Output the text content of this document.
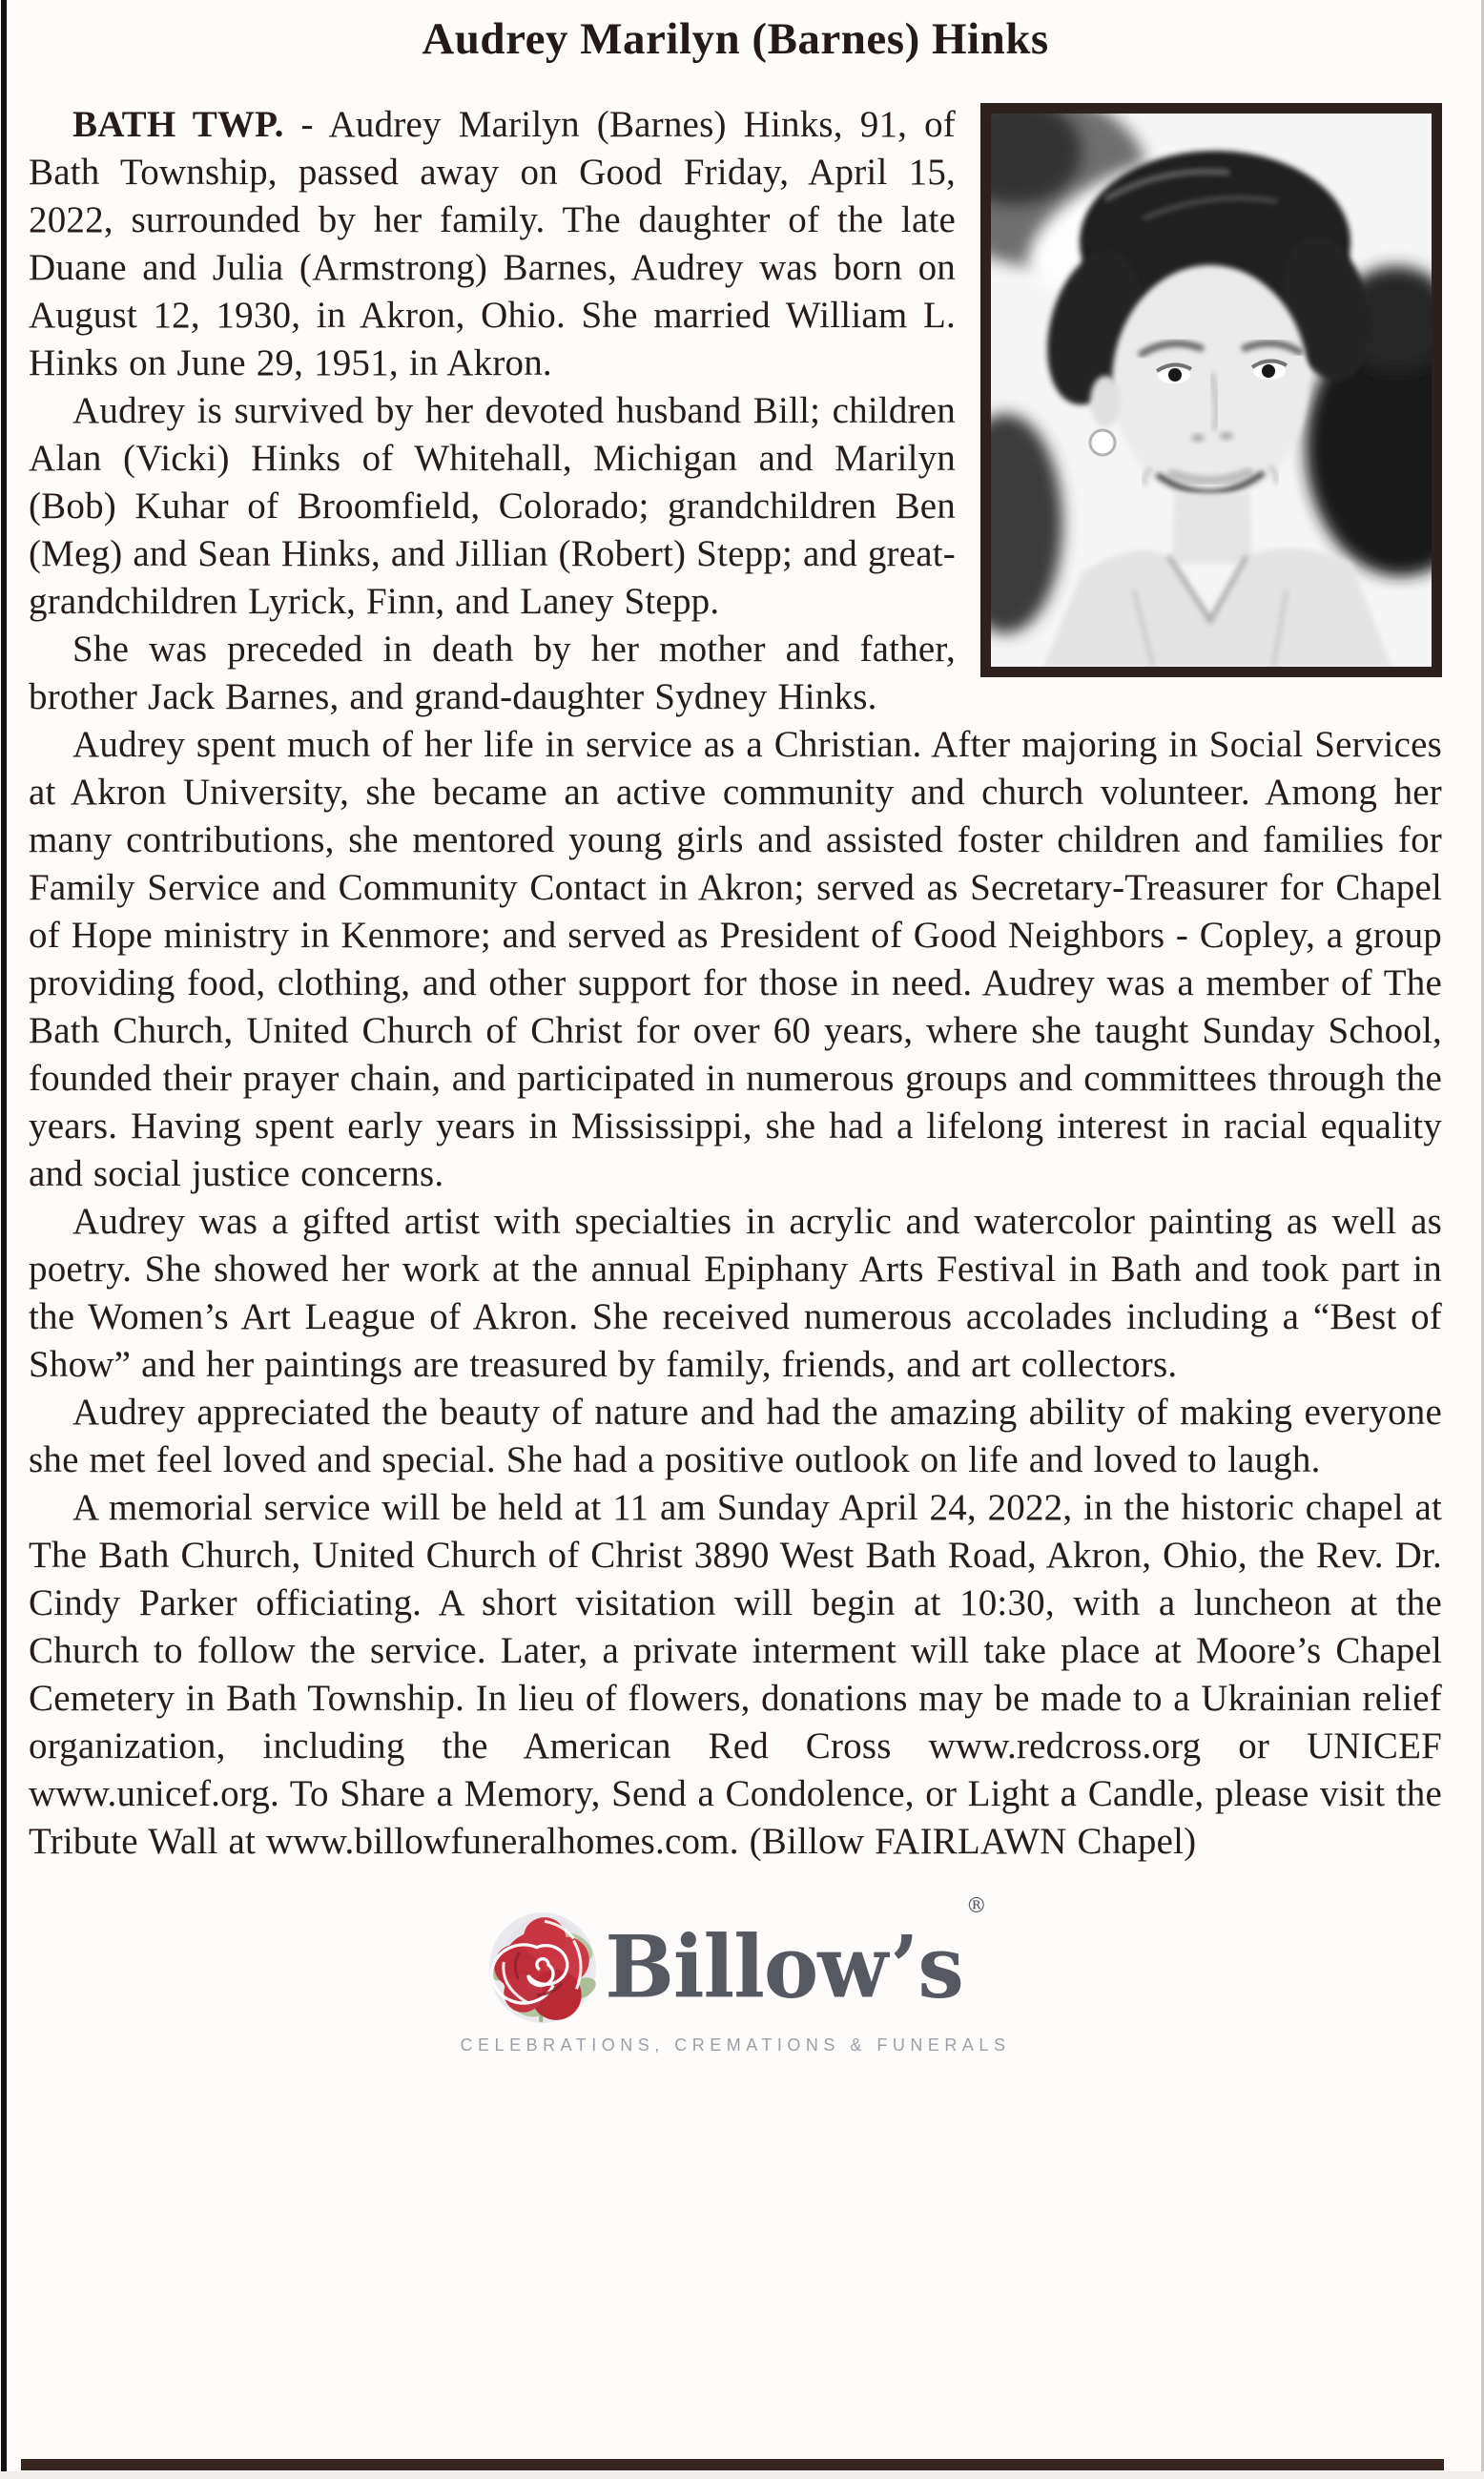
Audrey Marilyn (Barnes) Hinks

BATH TWP. - Audrey Marilyn (Barnes) Hinks, 91, of Bath Township, passed away on Good Friday, April 15, 2022, surrounded by her family. The daughter of the late Duane and Julia (Armstrong) Barnes, Audrey was born on August 12, 1930, in Akron, Ohio. She married William L. Hinks on June 29, 1951, in Akron.

Audrey is survived by her devoted husband Bill; children Alan (Vicki) Hinks of Whitehall, Michigan and Marilyn (Bob) Kuhar of Broomfield, Colorado; grandchildren Ben (Meg) and Sean Hinks, and Jillian (Robert) Stepp; and great-grandchildren Lyrick, Finn, and Laney Stepp.

She was preceded in death by her mother and father, brother Jack Barnes, and grand-daughter Sydney Hinks.

Audrey spent much of her life in service as a Christian. After majoring in Social Services at Akron University, she became an active community and church volunteer. Among her many contributions, she mentored young girls and assisted foster children and families for Family Service and Community Contact in Akron; served as Secretary-Treasurer for Chapel of Hope ministry in Kenmore; and served as President of Good Neighbors - Copley, a group providing food, clothing, and other support for those in need. Audrey was a member of The Bath Church, United Church of Christ for over 60 years, where she taught Sunday School, founded their prayer chain, and participated in numerous groups and committees through the years. Having spent early years in Mississippi, she had a lifelong interest in racial equality and social justice concerns.

Audrey was a gifted artist with specialties in acrylic and watercolor painting as well as poetry. She showed her work at the annual Epiphany Arts Festival in Bath and took part in the Women’s Art League of Akron. She received numerous accolades including a “Best of Show” and her paintings are treasured by family, friends, and art collectors.

Audrey appreciated the beauty of nature and had the amazing ability of making everyone she met feel loved and special. She had a positive outlook on life and loved to laugh.

A memorial service will be held at 11 am Sunday April 24, 2022, in the historic chapel at The Bath Church, United Church of Christ 3890 West Bath Road, Akron, Ohio, the Rev. Dr. Cindy Parker officiating. A short visitation will begin at 10:30, with a luncheon at the Church to follow the service. Later, a private interment will take place at Moore’s Chapel Cemetery in Bath Township. In lieu of flowers, donations may be made to a Ukrainian relief organization, including the American Red Cross www.redcross.org or UNICEF www.unicef.org. To Share a Memory, Send a Condolence, or Light a Candle, please visit the Tribute Wall at www.billowfuneralhomes.com. (Billow FAIRLAWN Chapel)

Billow’s®
CELEBRATIONS, CREMATIONS & FUNERALS
